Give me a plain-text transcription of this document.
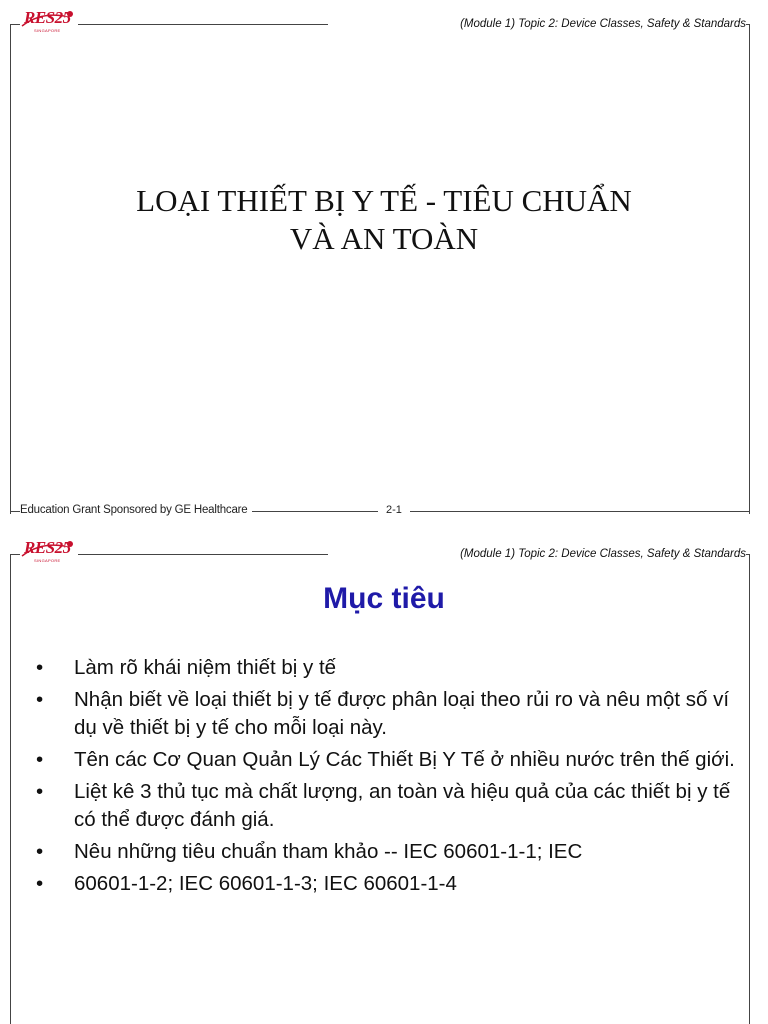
RES25
SINGAPORE
(Module 1) Topic 2: Device Classes, Safety & Standards
LOẠI THIẾT BỊ Y TẾ - TIÊU CHUẨN
VÀ AN TOÀN
Education Grant Sponsored by GE Healthcare	2-1
RES25
SINGAPORE
(Module 1) Topic 2: Device Classes, Safety & Standards
Mục tiêu
• Làm rõ khái niệm thiết bị y tế
• Nhận biết về loại thiết bị y tế được phân loại theo rủi ro và nêu một số ví dụ về thiết bị y tế cho mỗi loại này.
• Tên các Cơ Quan Quản Lý Các Thiết Bị Y Tế ở nhiều nước trên thế giới.
• Liệt kê 3 thủ tục mà chất lượng, an toàn và hiệu quả của các thiết bị y tế có thể được đánh giá.
• Nêu những tiêu chuẩn tham khảo -- IEC 60601-1-1; IEC
• 60601-1-2; IEC 60601-1-3; IEC 60601-1-4
